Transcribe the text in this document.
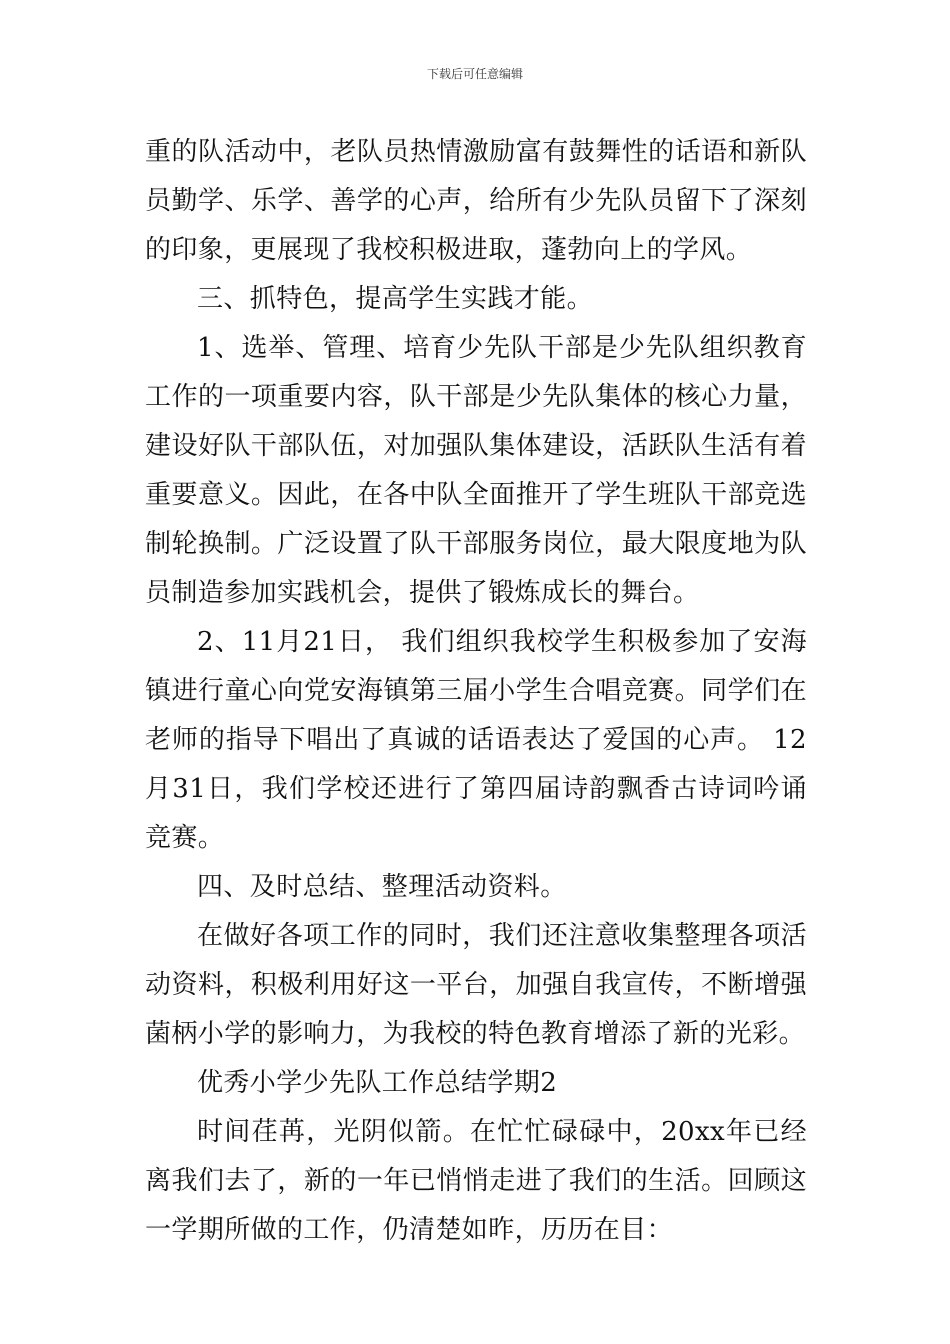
下载后可任意编辑

重的队活动中，老队员热情激励富有鼓舞性的话语和新队员勤学、乐学、善学的心声，给所有少先队员留下了深刻的印象，更展现了我校积极进取，蓬勃向上的学风。

三、抓特色，提高学生实践才能。

1、选举、管理、培育少先队干部是少先队组织教育工作的一项重要内容，队干部是少先队集体的核心力量，建设好队干部队伍，对加强队集体建设，活跃队生活有着重要意义。因此，在各中队全面推开了学生班队干部竞选制轮换制。广泛设置了队干部服务岗位，最大限度地为队员制造参加实践机会，提供了锻炼成长的舞台。

2、11月21日， 我们组织我校学生积极参加了安海镇进行童心向党安海镇第三届小学生合唱竞赛。同学们在老师的指导下唱出了真诚的话语表达了爱国的心声。 12月31日，我们学校还进行了第四届诗韵飘香古诗词吟诵竞赛。

四、及时总结、整理活动资料。

在做好各项工作的同时，我们还注意收集整理各项活动资料，积极利用好这一平台，加强自我宣传，不断增强菌柄小学的影响力，为我校的特色教育增添了新的光彩。

优秀小学少先队工作总结学期2

时间荏苒，光阴似箭。在忙忙碌碌中，20xx年已经离我们去了，新的一年已悄悄走进了我们的生活。回顾这一学期所做的工作，仍清楚如昨，历历在目：
